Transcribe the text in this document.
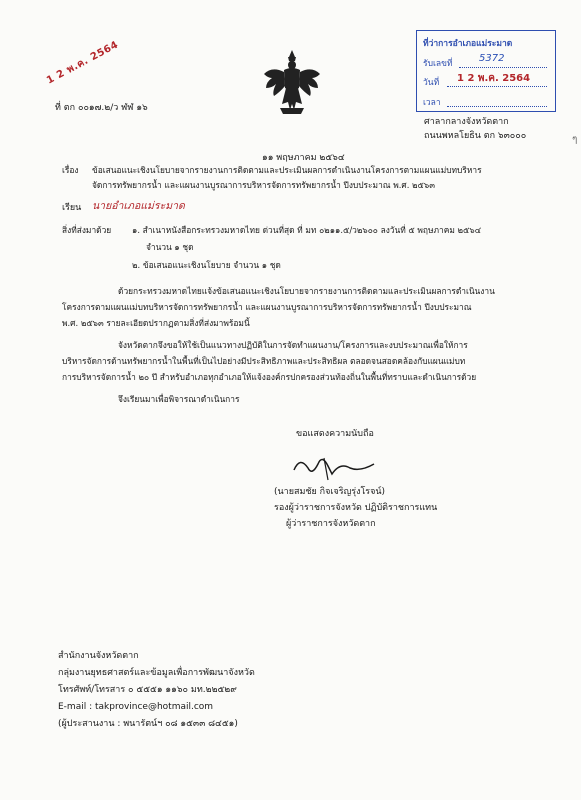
1 2 พ.ค. 2564
ที่ ตก ๐๐๑๗.๒/ว ฬฬ ๑๖
ที่ว่าการอำเภอแม่ระมาด
รับเลขที่	5372
วันที่ 1 2 พ.ค. 2564
เวลา
ศาลากลางจังหวัดตาก
ถนนพหลโยธิน ตก ๖๓๐๐๐	ๆ
๑๑ พฤษภาคม ๒๕๖๔
เรื่อง ข้อเสนอแนะเชิงนโยบายจากรายงานการติดตามและประเมินผลการดำเนินงานโครงการตามแผนแม่บทบริหาร
จัดการทรัพยากรน้ำ และแผนงานบูรณาการบริหารจัดการทรัพยากรน้ำ ปีงบประมาณ พ.ศ. ๒๕๖๓
เรียน นายอำเภอแม่ระมาด
สิ่งที่ส่งมาด้วย ๑. สำเนาหนังสือกระทรวงมหาดไทย ด่วนที่สุด ที่ มท ๐๒๑๑.๕/ว๒๖๐๐ ลงวันที่ ๕ พฤษภาคม ๒๕๖๔
จำนวน ๑ ชุด
๒. ข้อเสนอแนะเชิงนโยบาย จำนวน ๑ ชุด
ด้วยกระทรวงมหาดไทยแจ้งข้อเสนอแนะเชิงนโยบายจากรายงานการติดตามและประเมินผลการดำเนินงาน
โครงการตามแผนแม่บทบริหารจัดการทรัพยากรน้ำ และแผนงานบูรณาการบริหารจัดการทรัพยากรน้ำ ปีงบประมาณ
พ.ศ. ๒๕๖๓ รายละเอียดปรากฏตามสิ่งที่ส่งมาพร้อมนี้
จังหวัดตากจึงขอให้ใช้เป็นแนวทางปฏิบัติในการจัดทำแผนงาน/โครงการและงบประมาณเพื่อให้การ
บริหารจัดการด้านทรัพยากรน้ำในพื้นที่เป็นไปอย่างมีประสิทธิภาพและประสิทธิผล ตลอดจนสอดคล้องกับแผนแม่บท
การบริหารจัดการน้ำ ๒๐ ปี สำหรับอำเภอทุกอำเภอให้แจ้งองค์กรปกครองส่วนท้องถิ่นในพื้นที่ทราบและดำเนินการด้วย
จึงเรียนมาเพื่อพิจารณาดำเนินการ
ขอแสดงความนับถือ
(นายสมชัย กิจเจริญรุ่งโรจน์)
รองผู้ว่าราชการจังหวัด ปฏิบัติราชการแทน
ผู้ว่าราชการจังหวัดตาก
สำนักงานจังหวัดตาก
กลุ่มงานยุทธศาสตร์และข้อมูลเพื่อการพัฒนาจังหวัด
โทรศัพท์/โทรสาร ๐ ๕๕๕๑ ๑๑๖๐ มท.๒๒๕๒๙
E-mail : takprovince@hotmail.com
(ผู้ประสานงาน : พนารัตน์ฯ ๐๘ ๑๕๓๓ ๘๔๕๑)
